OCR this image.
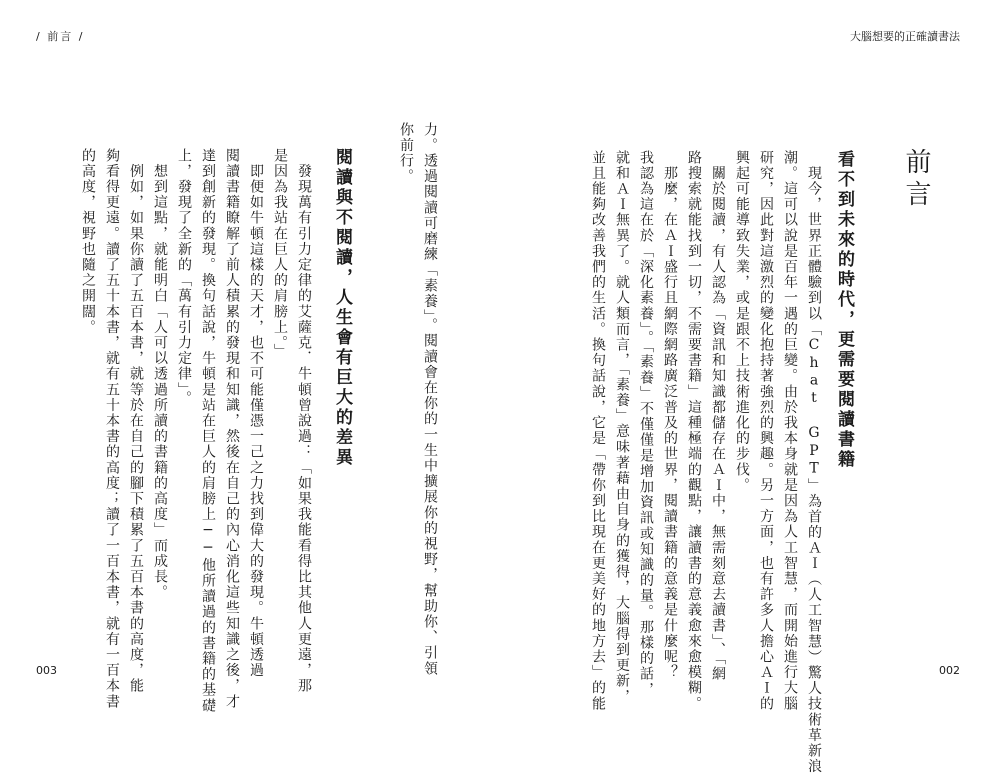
/ 前言 /	大腦想要的正確讀書法
前言
看不到未來的時代，更需要閱讀書籍
　現今，世界正體驗到以「Chat GPT」為首的ＡＩ（人工智慧）驚人技術革新浪
潮。這可以說是百年一遇的巨變。由於我本身就是因為人工智慧，而開始進行大腦
研究，因此對這激烈的變化抱持著強烈的興趣。另一方面，也有許多人擔心ＡＩ的
興起可能導致失業，或是跟不上技術進化的步伐。
　關於閱讀，有人認為「資訊和知識都儲存在ＡＩ中，無需刻意去讀書」、「網
路搜索就能找到一切，不需要書籍」這種極端的觀點，讓讀書的意義愈來愈模糊。
　那麼，在ＡＩ盛行且網際網路廣泛普及的世界，閱讀書籍的意義是什麼呢？
我認為這在於「深化素養」。「素養」不僅僅是增加資訊或知識的量。那樣的話，
就和ＡＩ無異了。就人類而言，「素養」意味著藉由自身的獲得，大腦得到更新，
並且能夠改善我們的生活。換句話說，它是「帶你到比現在更美好的地方去」的能
力。透過閱讀可磨練「素養」。閱讀會在你的一生中擴展你的視野，幫助你、引領
你前行。
閱讀與不閱讀，人生會有巨大的差異
　發現萬有引力定律的艾薩克．牛頓曾說過：「如果我能看得比其他人更遠，那
是因為我站在巨人的肩膀上。」
　即便如牛頓這樣的天才，也不可能僅憑一己之力找到偉大的發現。牛頓透過
閱讀書籍瞭解了前人積累的發現和知識，然後在自己的內心消化這些知識之後，才
達到創新的發現。換句話說，牛頓是站在巨人的肩膀上──他所讀過的書籍的基礎
上，發現了全新的「萬有引力定律」。
　想到這點，就能明白「人可以透過所讀的書籍的高度」而成長。
　例如，如果你讀了五百本書，就等於在自己的腳下積累了五百本書的高度，能
夠看得更遠。讀了五十本書，就有五十本書的高度；讀了一百本書，就有一百本書
的高度，視野也隨之開闊。
003	002
